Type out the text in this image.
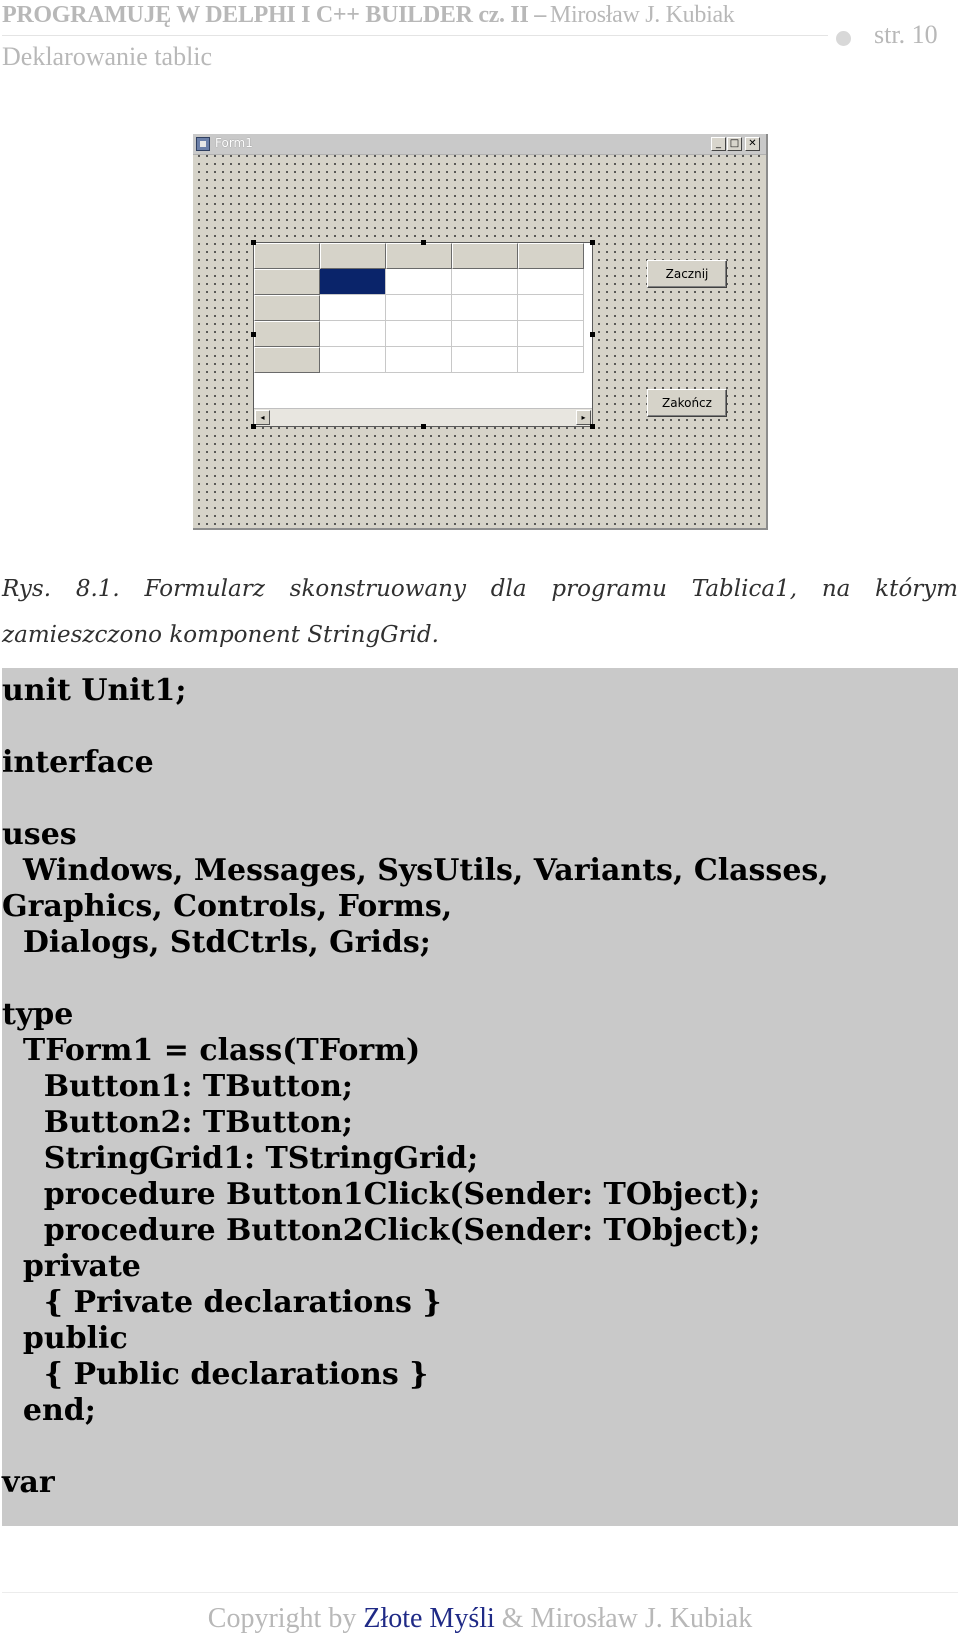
PROGRAMUJĘ W DELPHI I C++ BUILDER cz. II – Mirosław J. Kubiak
Deklarowanie tablic
str. 10
Form1	_ □ ✕
◂	▸
Zacznij
Zakończ
Rys. 8.1. Formularz skonstruowany dla programu Tablica1, na którym
zamieszczono komponent StringGrid.
unit Unit1;
interface
uses
Windows, Messages, SysUtils, Variants, Classes,
Graphics, Controls, Forms,
Dialogs, StdCtrls, Grids;
type
TForm1 = class(TForm)
Button1: TButton;
Button2: TButton;
StringGrid1: TStringGrid;
procedure Button1Click(Sender: TObject);
procedure Button2Click(Sender: TObject);
private
{ Private declarations }
public
{ Public declarations }
end;
var
Copyright by Złote Myśli & Mirosław J. Kubiak
